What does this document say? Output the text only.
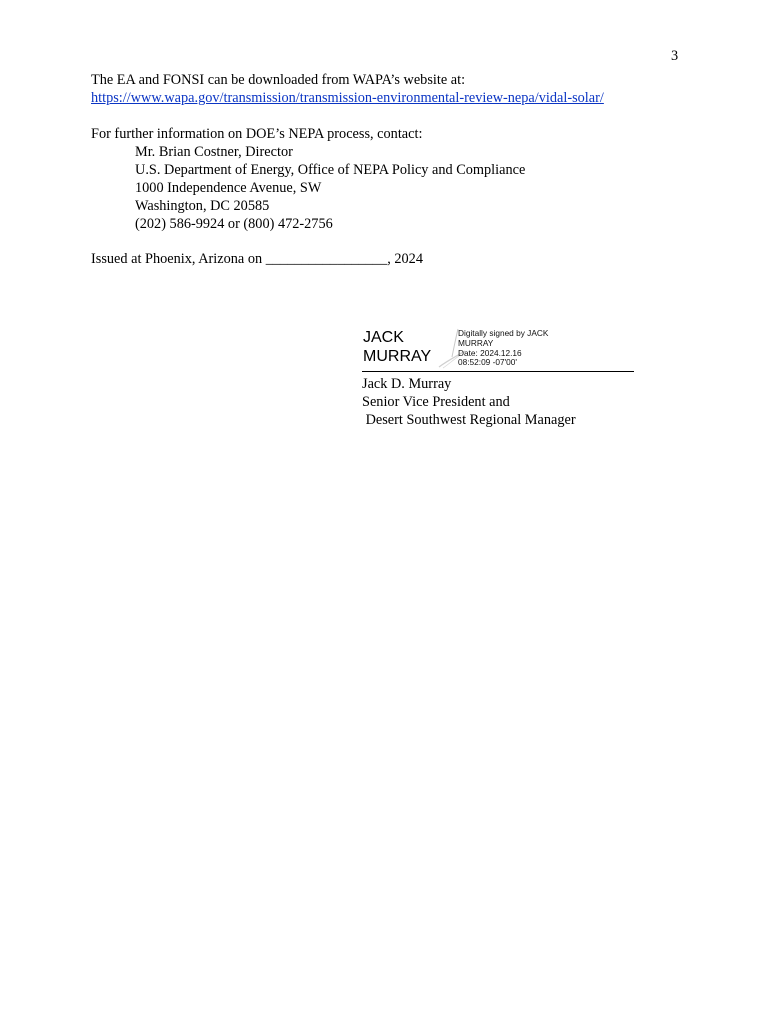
3
The EA and FONSI can be downloaded from WAPA’s website at:
https://www.wapa.gov/transmission/transmission-environmental-review-nepa/vidal-solar/
For further information on DOE’s NEPA process, contact:
Mr. Brian Costner, Director
U.S. Department of Energy, Office of NEPA Policy and Compliance
1000 Independence Avenue, SW
Washington, DC 20585
(202) 586-9924 or (800) 472-2756
Issued at Phoenix, Arizona on _________________, 2024
JACK
MURRAY
Digitally signed by JACK
MURRAY
Date: 2024.12.16
08:52:09 -07'00'
Jack D. Murray
Senior Vice President and
Desert Southwest Regional Manager
